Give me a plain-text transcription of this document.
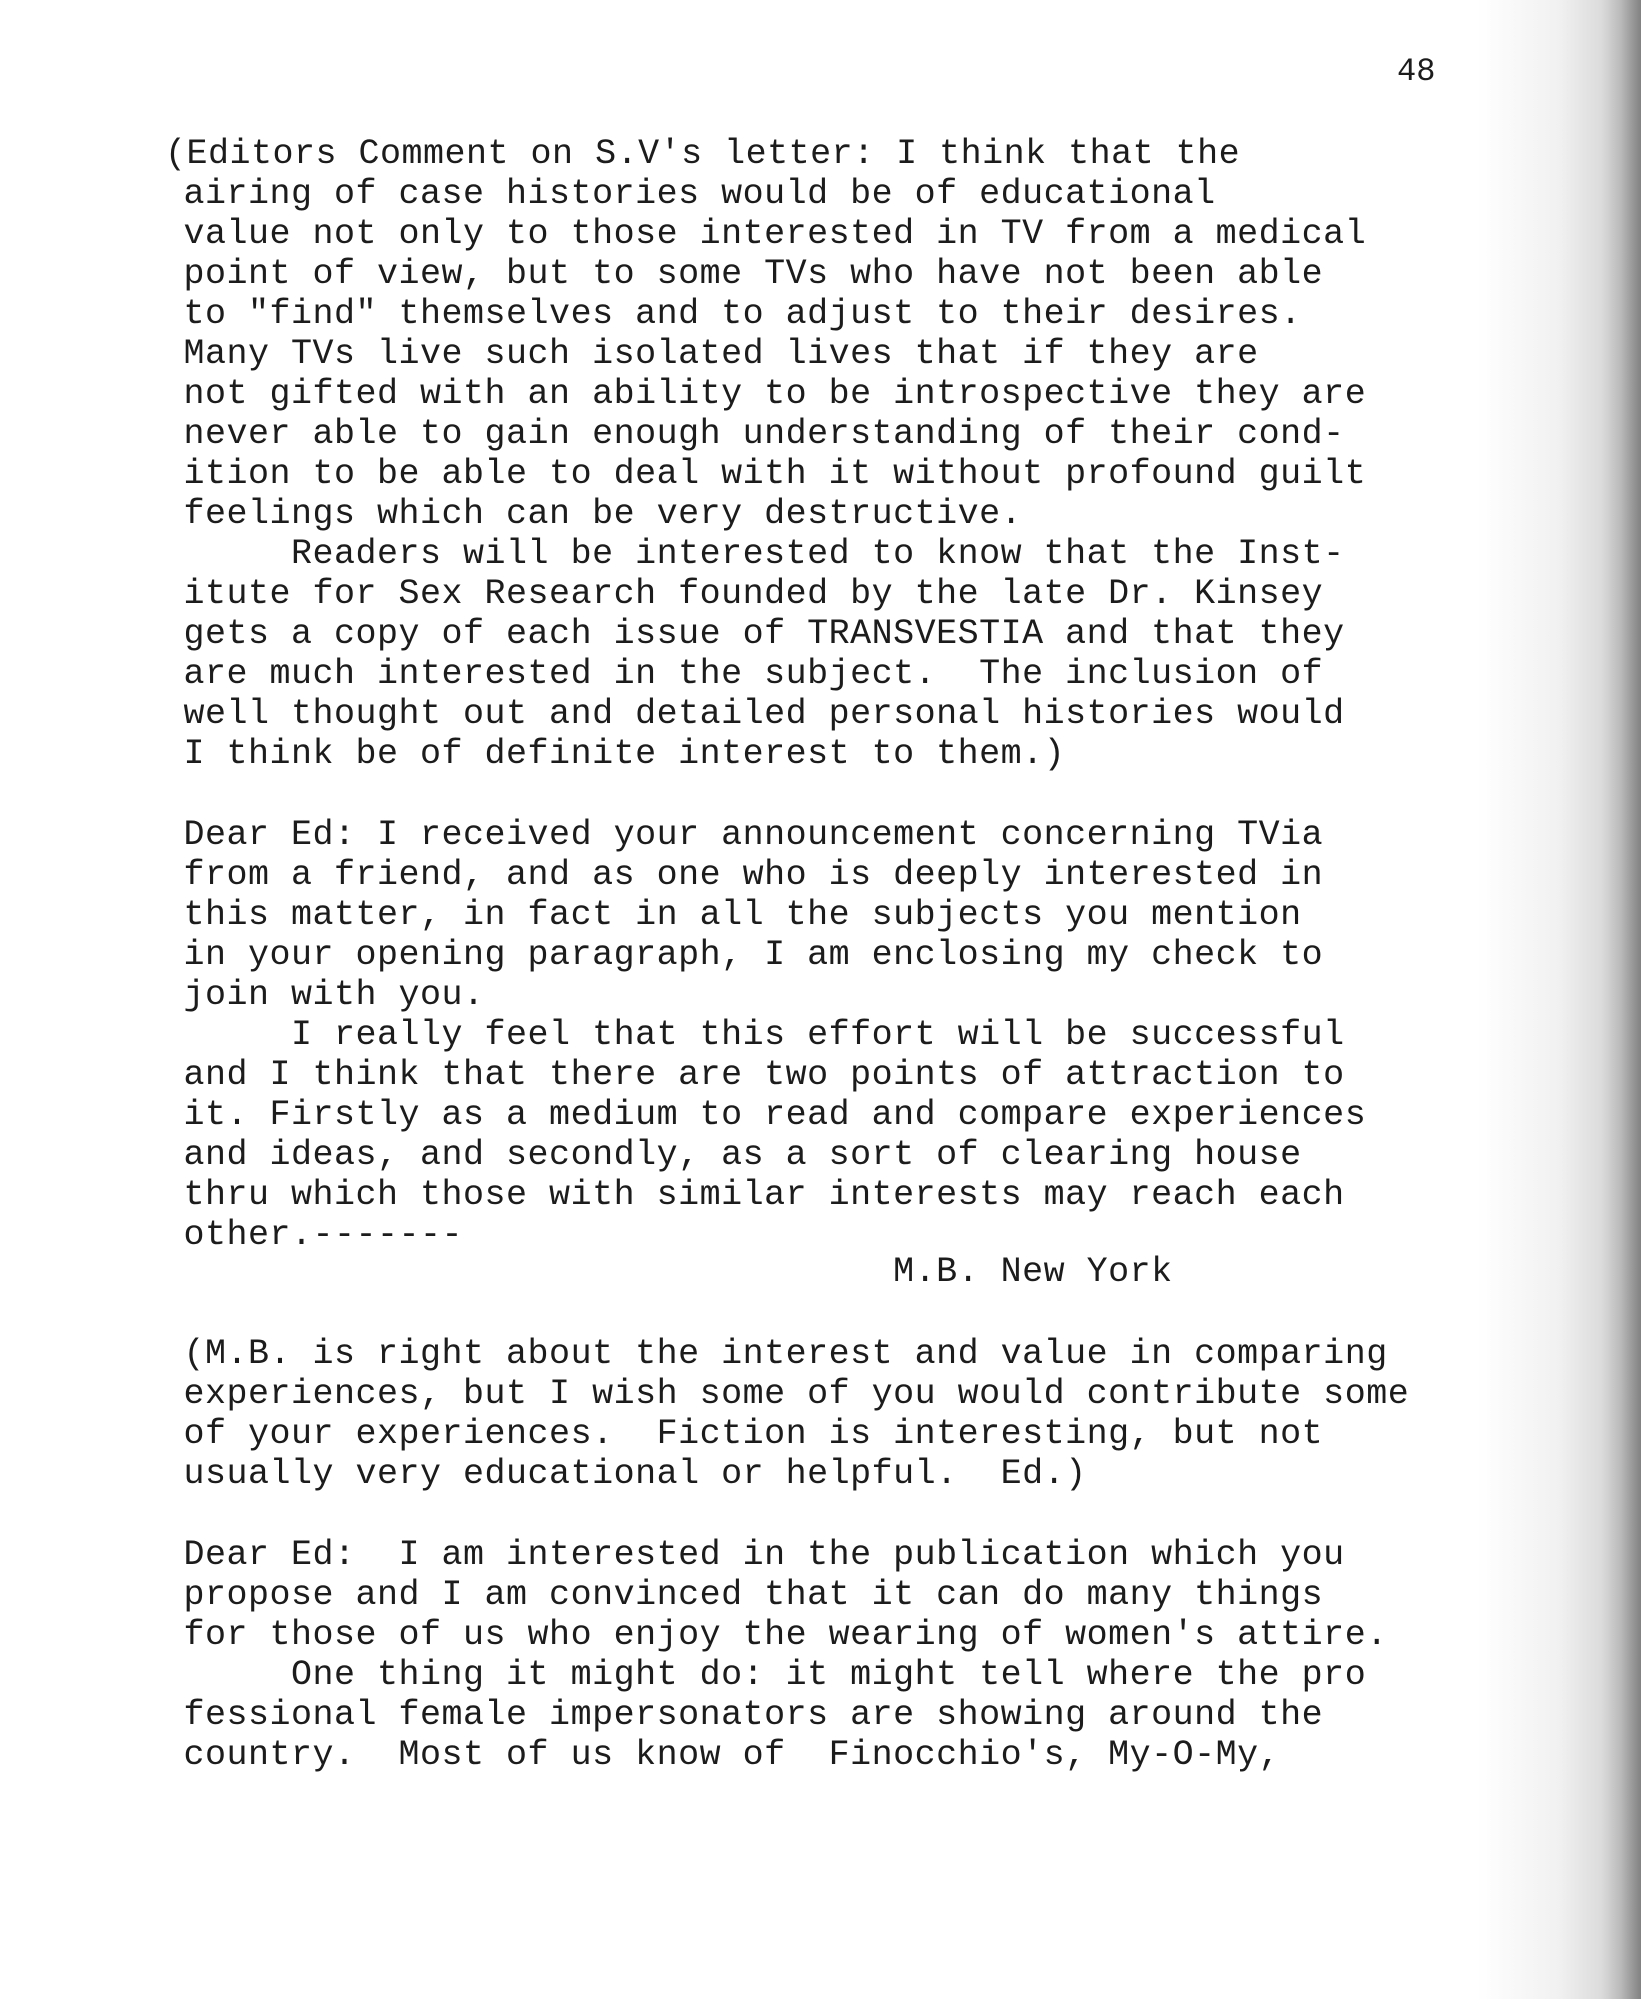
48
(Editors Comment on S.V's letter: I think that the
airing of case histories would be of educational
value not only to those interested in TV from a medical
point of view, but to some TVs who have not been able
to "find" themselves and to adjust to their desires.
Many TVs live such isolated lives that if they are
not gifted with an ability to be introspective they are
never able to gain enough understanding of their cond-
ition to be able to deal with it without profound guilt
feelings which can be very destructive.
Readers will be interested to know that the Inst-
itute for Sex Research founded by the late Dr. Kinsey
gets a copy of each issue of TRANSVESTIA and that they
are much interested in the subject.  The inclusion of
well thought out and detailed personal histories would
I think be of definite interest to them.)
Dear Ed: I received your announcement concerning TVia
from a friend, and as one who is deeply interested in
this matter, in fact in all the subjects you mention
in your opening paragraph, I am enclosing my check to
join with you.
I really feel that this effort will be successful
and I think that there are two points of attraction to
it. Firstly as a medium to read and compare experiences
and ideas, and secondly, as a sort of clearing house
thru which those with similar interests may reach each
other.-------
M.B. New York
(M.B. is right about the interest and value in comparing
experiences, but I wish some of you would contribute some
of your experiences.  Fiction is interesting, but not
usually very educational or helpful.  Ed.)
Dear Ed:  I am interested in the publication which you
propose and I am convinced that it can do many things
for those of us who enjoy the wearing of women's attire.
One thing it might do: it might tell where the pro
fessional female impersonators are showing around the
country.  Most of us know of  Finocchio's, My-O-My,
